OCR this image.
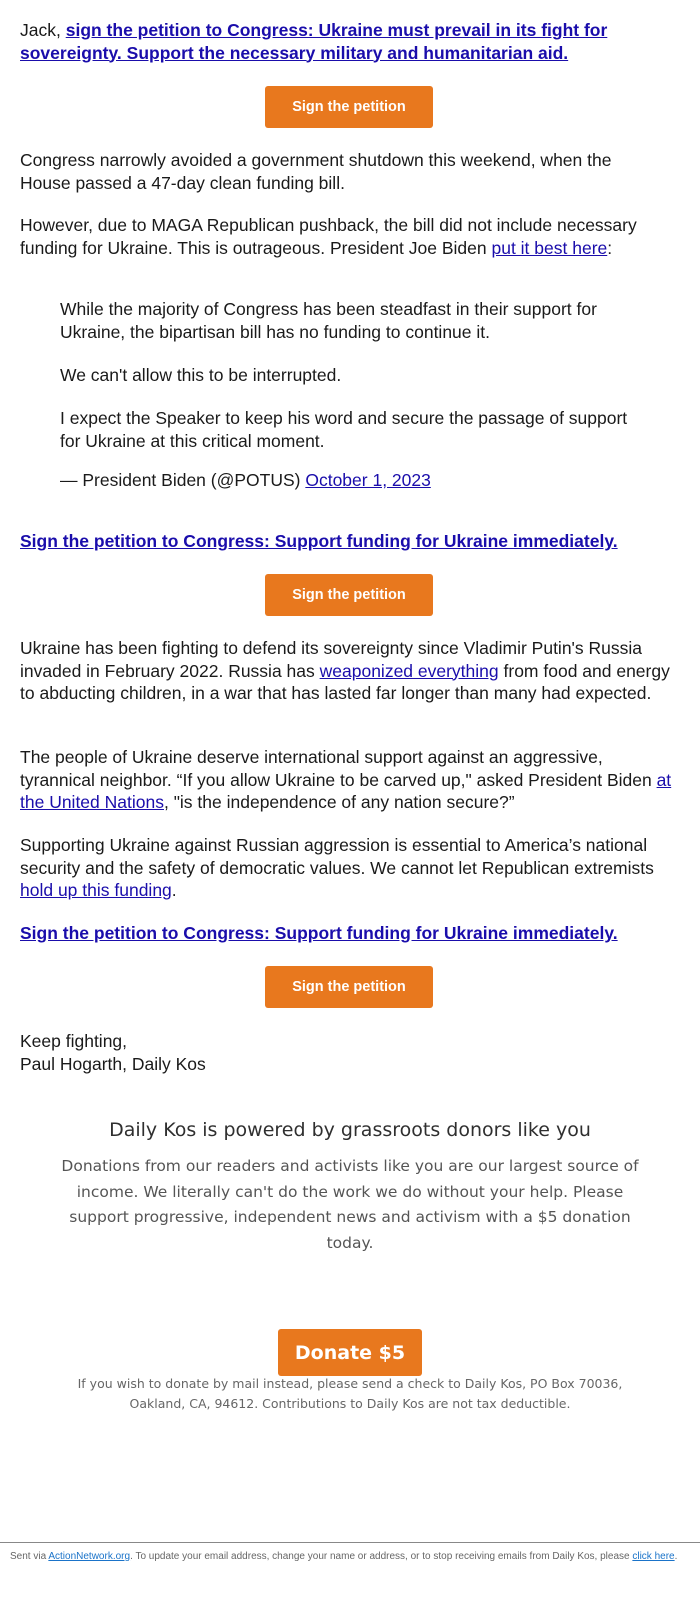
Jack, sign the petition to Congress: Ukraine must prevail in its fight for sovereignty. Support the necessary military and humanitarian aid.
Sign the petition

Congress narrowly avoided a government shutdown this weekend, when the House passed a 47-day clean funding bill.

However, due to MAGA Republican pushback, the bill did not include necessary funding for Ukraine. This is outrageous. President Joe Biden put it best here:
While the majority of Congress has been steadfast in their support for Ukraine, the bipartisan bill has no funding to continue it.
We can't allow this to be interrupted.
I expect the Speaker to keep his word and secure the passage of support for Ukraine at this critical moment.
— President Biden (@POTUS) October 1, 2023
Sign the petition to Congress: Support funding for Ukraine immediately.
Sign the petition
Ukraine has been fighting to defend its sovereignty since Vladimir Putin's Russia invaded in February 2022. Russia has weaponized everything from food and energy to abducting children, in a war that has lasted far longer than many had expected.
The people of Ukraine deserve international support against an aggressive, tyrannical neighbor. “If you allow Ukraine to be carved up," asked President Biden at the United Nations, "is the independence of any nation secure?”
Supporting Ukraine against Russian aggression is essential to America’s national security and the safety of democratic values. We cannot let Republican extremists hold up this funding.
Sign the petition to Congress: Support funding for Ukraine immediately.
Sign the petition
Keep fighting,
Paul Hogarth, Daily Kos
Daily Kos is powered by grassroots donors like you
Donations from our readers and activists like you are our largest source of income. We literally can't do the work we do without your help. Please support progressive, independent news and activism with a $5 donation today.
Donate $5
If you wish to donate by mail instead, please send a check to Daily Kos, PO Box 70036, Oakland, CA, 94612. Contributions to Daily Kos are not tax deductible.
Sent via ActionNetwork.org. To update your email address, change your name or address, or to stop receiving emails from Daily Kos, please click here.
